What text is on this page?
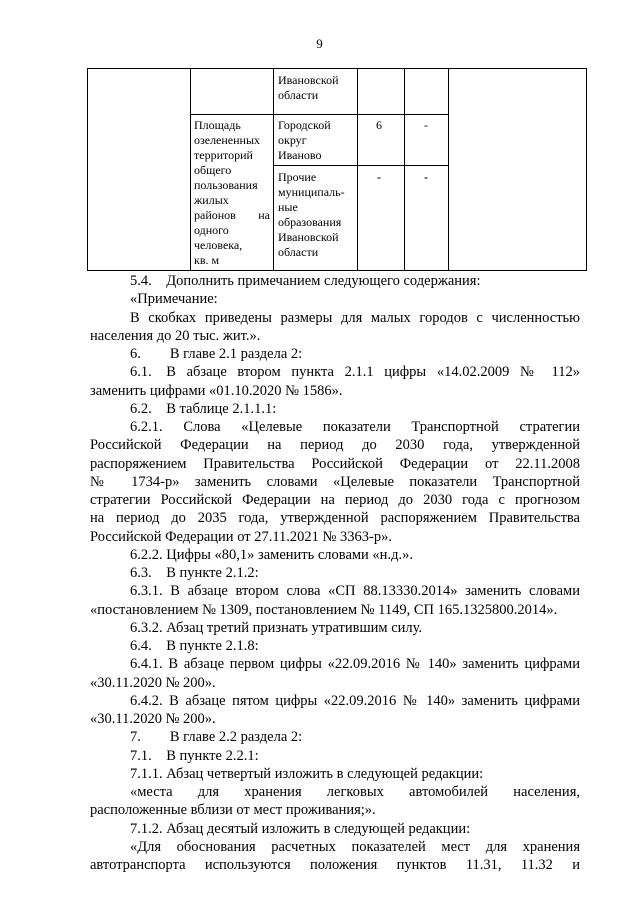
9
Ивановской
области
Площадь
озелененных
территорий
общего
пользования
жилых
районов на
одного
человека,
кв. м
Городской
округ
Иваново
6	-
Прочие
муниципаль-
ные
образования
Ивановской
области
-	-
5.4. Дополнить примечанием следующего содержания:
«Примечание:
В скобках приведены размеры для малых городов с численностью
населения до 20 тыс. жит.».
6.  В главе 2.1 раздела 2:
6.1. В абзаце втором пункта 2.1.1 цифры «14.02.2009 № 112»
заменить цифрами «01.10.2020 № 1586».
6.2. В таблице 2.1.1.1:
6.2.1. Слова «Целевые показатели Транспортной стратегии
Российской Федерации на период до 2030 года, утвержденной
распоряжением Правительства Российской Федерации от 22.11.2008
№ 1734-р» заменить словами «Целевые показатели Транспортной
стратегии Российской Федерации на период до 2030 года с прогнозом
на период до 2035 года, утвержденной распоряжением Правительства
Российской Федерации от 27.11.2021 № 3363-р».
6.2.2. Цифры «80,1» заменить словами «н.д.».
6.3. В пункте 2.1.2:
6.3.1. В абзаце втором слова «СП 88.13330.2014» заменить словами
«постановлением № 1309, постановлением № 1149, СП 165.1325800.2014».
6.3.2. Абзац третий признать утратившим силу.
6.4. В пункте 2.1.8:
6.4.1. В абзаце первом цифры «22.09.2016 № 140» заменить цифрами
«30.11.2020 № 200».
6.4.2. В абзаце пятом цифры «22.09.2016 № 140» заменить цифрами
«30.11.2020 № 200».
7.  В главе 2.2 раздела 2:
7.1. В пункте 2.2.1:
7.1.1. Абзац четвертый изложить в следующей редакции:
«места для хранения легковых автомобилей населения,
расположенные вблизи от мест проживания;».
7.1.2. Абзац десятый изложить в следующей редакции:
«Для обоснования расчетных показателей мест для хранения
автотранспорта используются положения пунктов 11.31, 11.32 и
